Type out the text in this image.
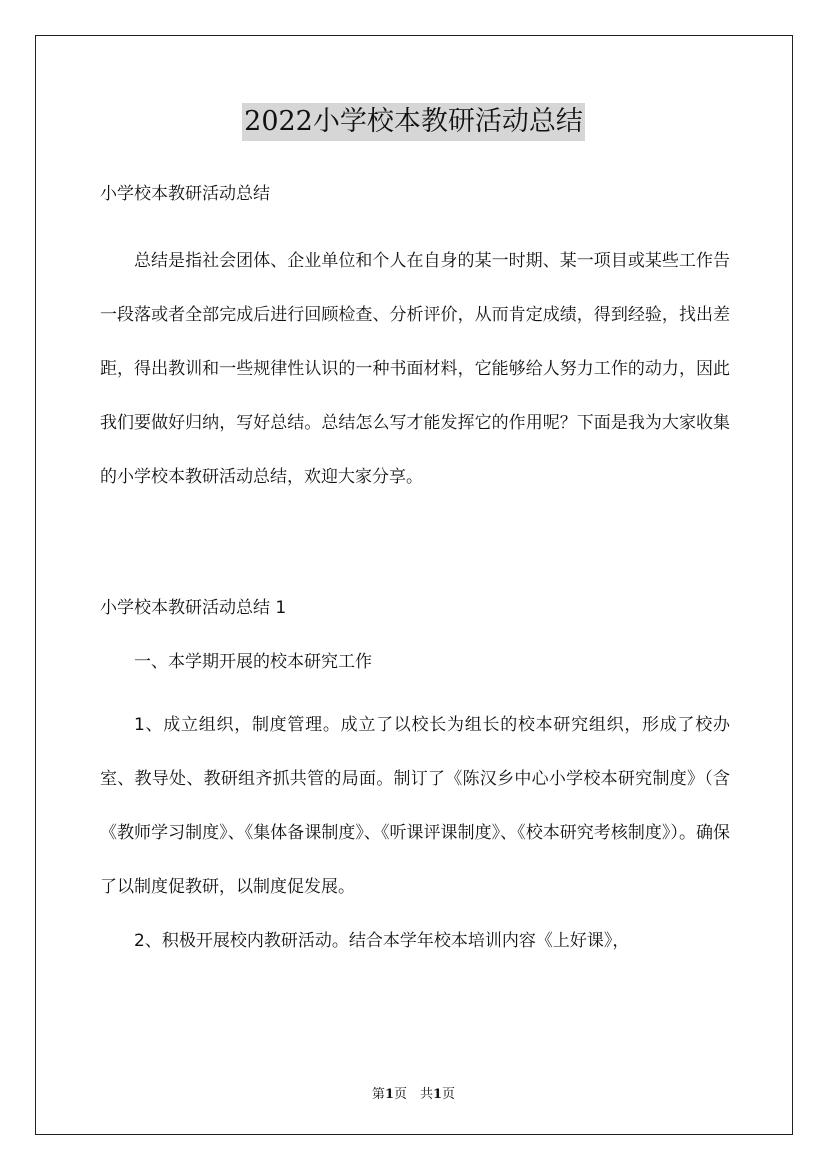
2022小学校本教研活动总结

小学校本教研活动总结

总结是指社会团体、企业单位和个人在自身的某一时期、某一项目或某些工作告一段落或者全部完成后进行回顾检查、分析评价，从而肯定成绩，得到经验，找出差距，得出教训和一些规律性认识的一种书面材料，它能够给人努力工作的动力，因此我们要做好归纳，写好总结。总结怎么写才能发挥它的作用呢？下面是我为大家收集的小学校本教研活动总结，欢迎大家分享。

小学校本教研活动总结 1

一、本学期开展的校本研究工作

1、成立组织，制度管理。成立了以校长为组长的校本研究组织，形成了校办室、教导处、教研组齐抓共管的局面。制订了《陈汉乡中心小学校本研究制度》（含《教师学习制度》、《集体备课制度》、《听课评课制度》、《校本研究考核制度》）。确保了以制度促教研，以制度促发展。

2、积极开展校内教研活动。结合本学年校本培训内容《上好课》，

第1页　共1页
